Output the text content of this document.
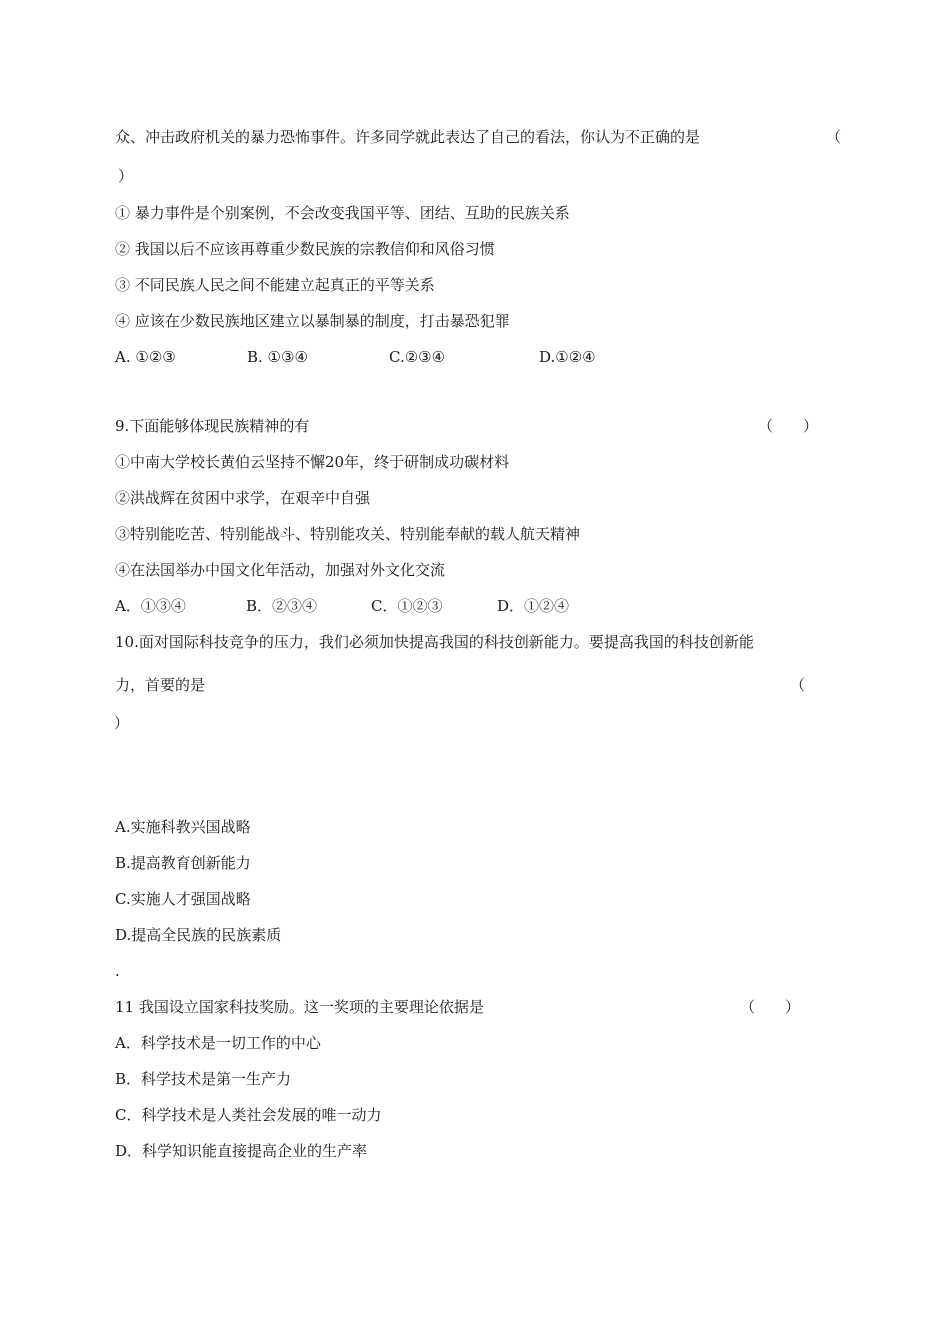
众、冲击政府机关的暴力恐怖事件。许多同学就此表达了自己的看法，你认为不正确的是	（
）
① 暴力事件是个别案例，不会改变我国平等、团结、互助的民族关系
② 我国以后不应该再尊重少数民族的宗教信仰和风俗习惯
③ 不同民族人民之间不能建立起真正的平等关系
④ 应该在少数民族地区建立以暴制暴的制度，打击暴恐犯罪
A. ①②③	B. ①③④	C.②③④	D.①②④
9.下面能够体现民族精神的有	（　　）
①中南大学校长黄伯云坚持不懈20年，终于研制成功碳材料
②洪战辉在贫困中求学，在艰辛中自强
③特别能吃苦、特别能战斗、特别能攻关、特别能奉献的载人航天精神
④在法国举办中国文化年活动，加强对外文化交流
A．①③④	B．②③④	C．①②③	D．①②④
10.面对国际科技竞争的压力，我们必须加快提高我国的科技创新能力。要提高我国的科技创新能
力，首要的是	（
）
A.实施科教兴国战略
B.提高教育创新能力
C.实施人才强国战略
D.提高全民族的民族素质
.
11 我国设立国家科技奖励。这一奖项的主要理论依据是	（　　）
A．科学技术是一切工作的中心
B．科学技术是第一生产力
C．科学技术是人类社会发展的唯一动力
D．科学知识能直接提高企业的生产率
